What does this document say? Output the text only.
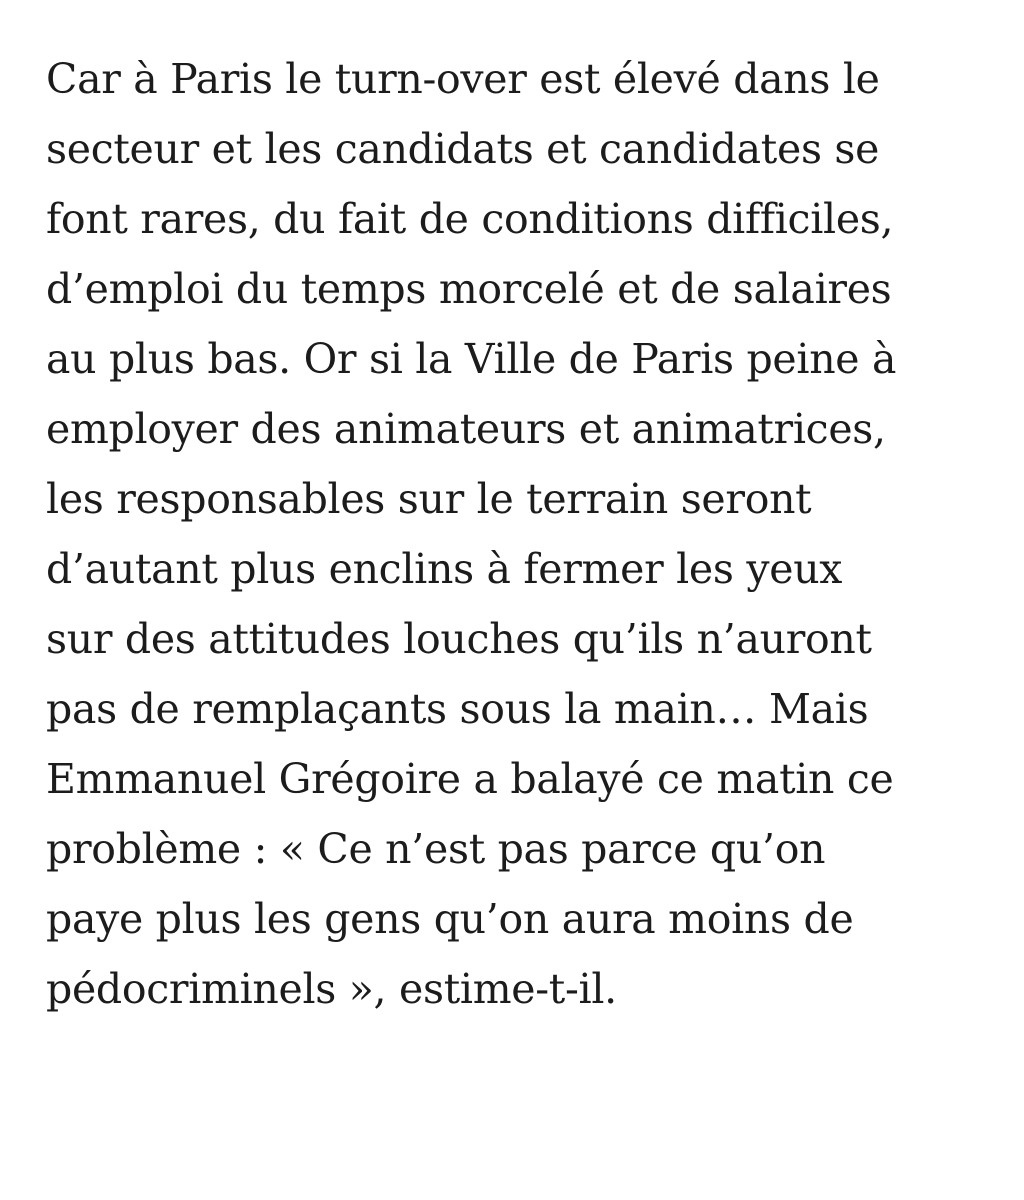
Car à Paris le turn-over est élevé dans le
secteur et les candidats et candidates se
font rares, du fait de conditions difficiles,
d’emploi du temps morcelé et de salaires
au plus bas. Or si la Ville de Paris peine à
employer des animateurs et animatrices,
les responsables sur le terrain seront
d’autant plus enclins à fermer les yeux
sur des attitudes louches qu’ils n’auront
pas de remplaçants sous la main… Mais
Emmanuel Grégoire a balayé ce matin ce
problème : « Ce n’est pas parce qu’on
paye plus les gens qu’on aura moins de
pédocriminels », estime-t-il.
